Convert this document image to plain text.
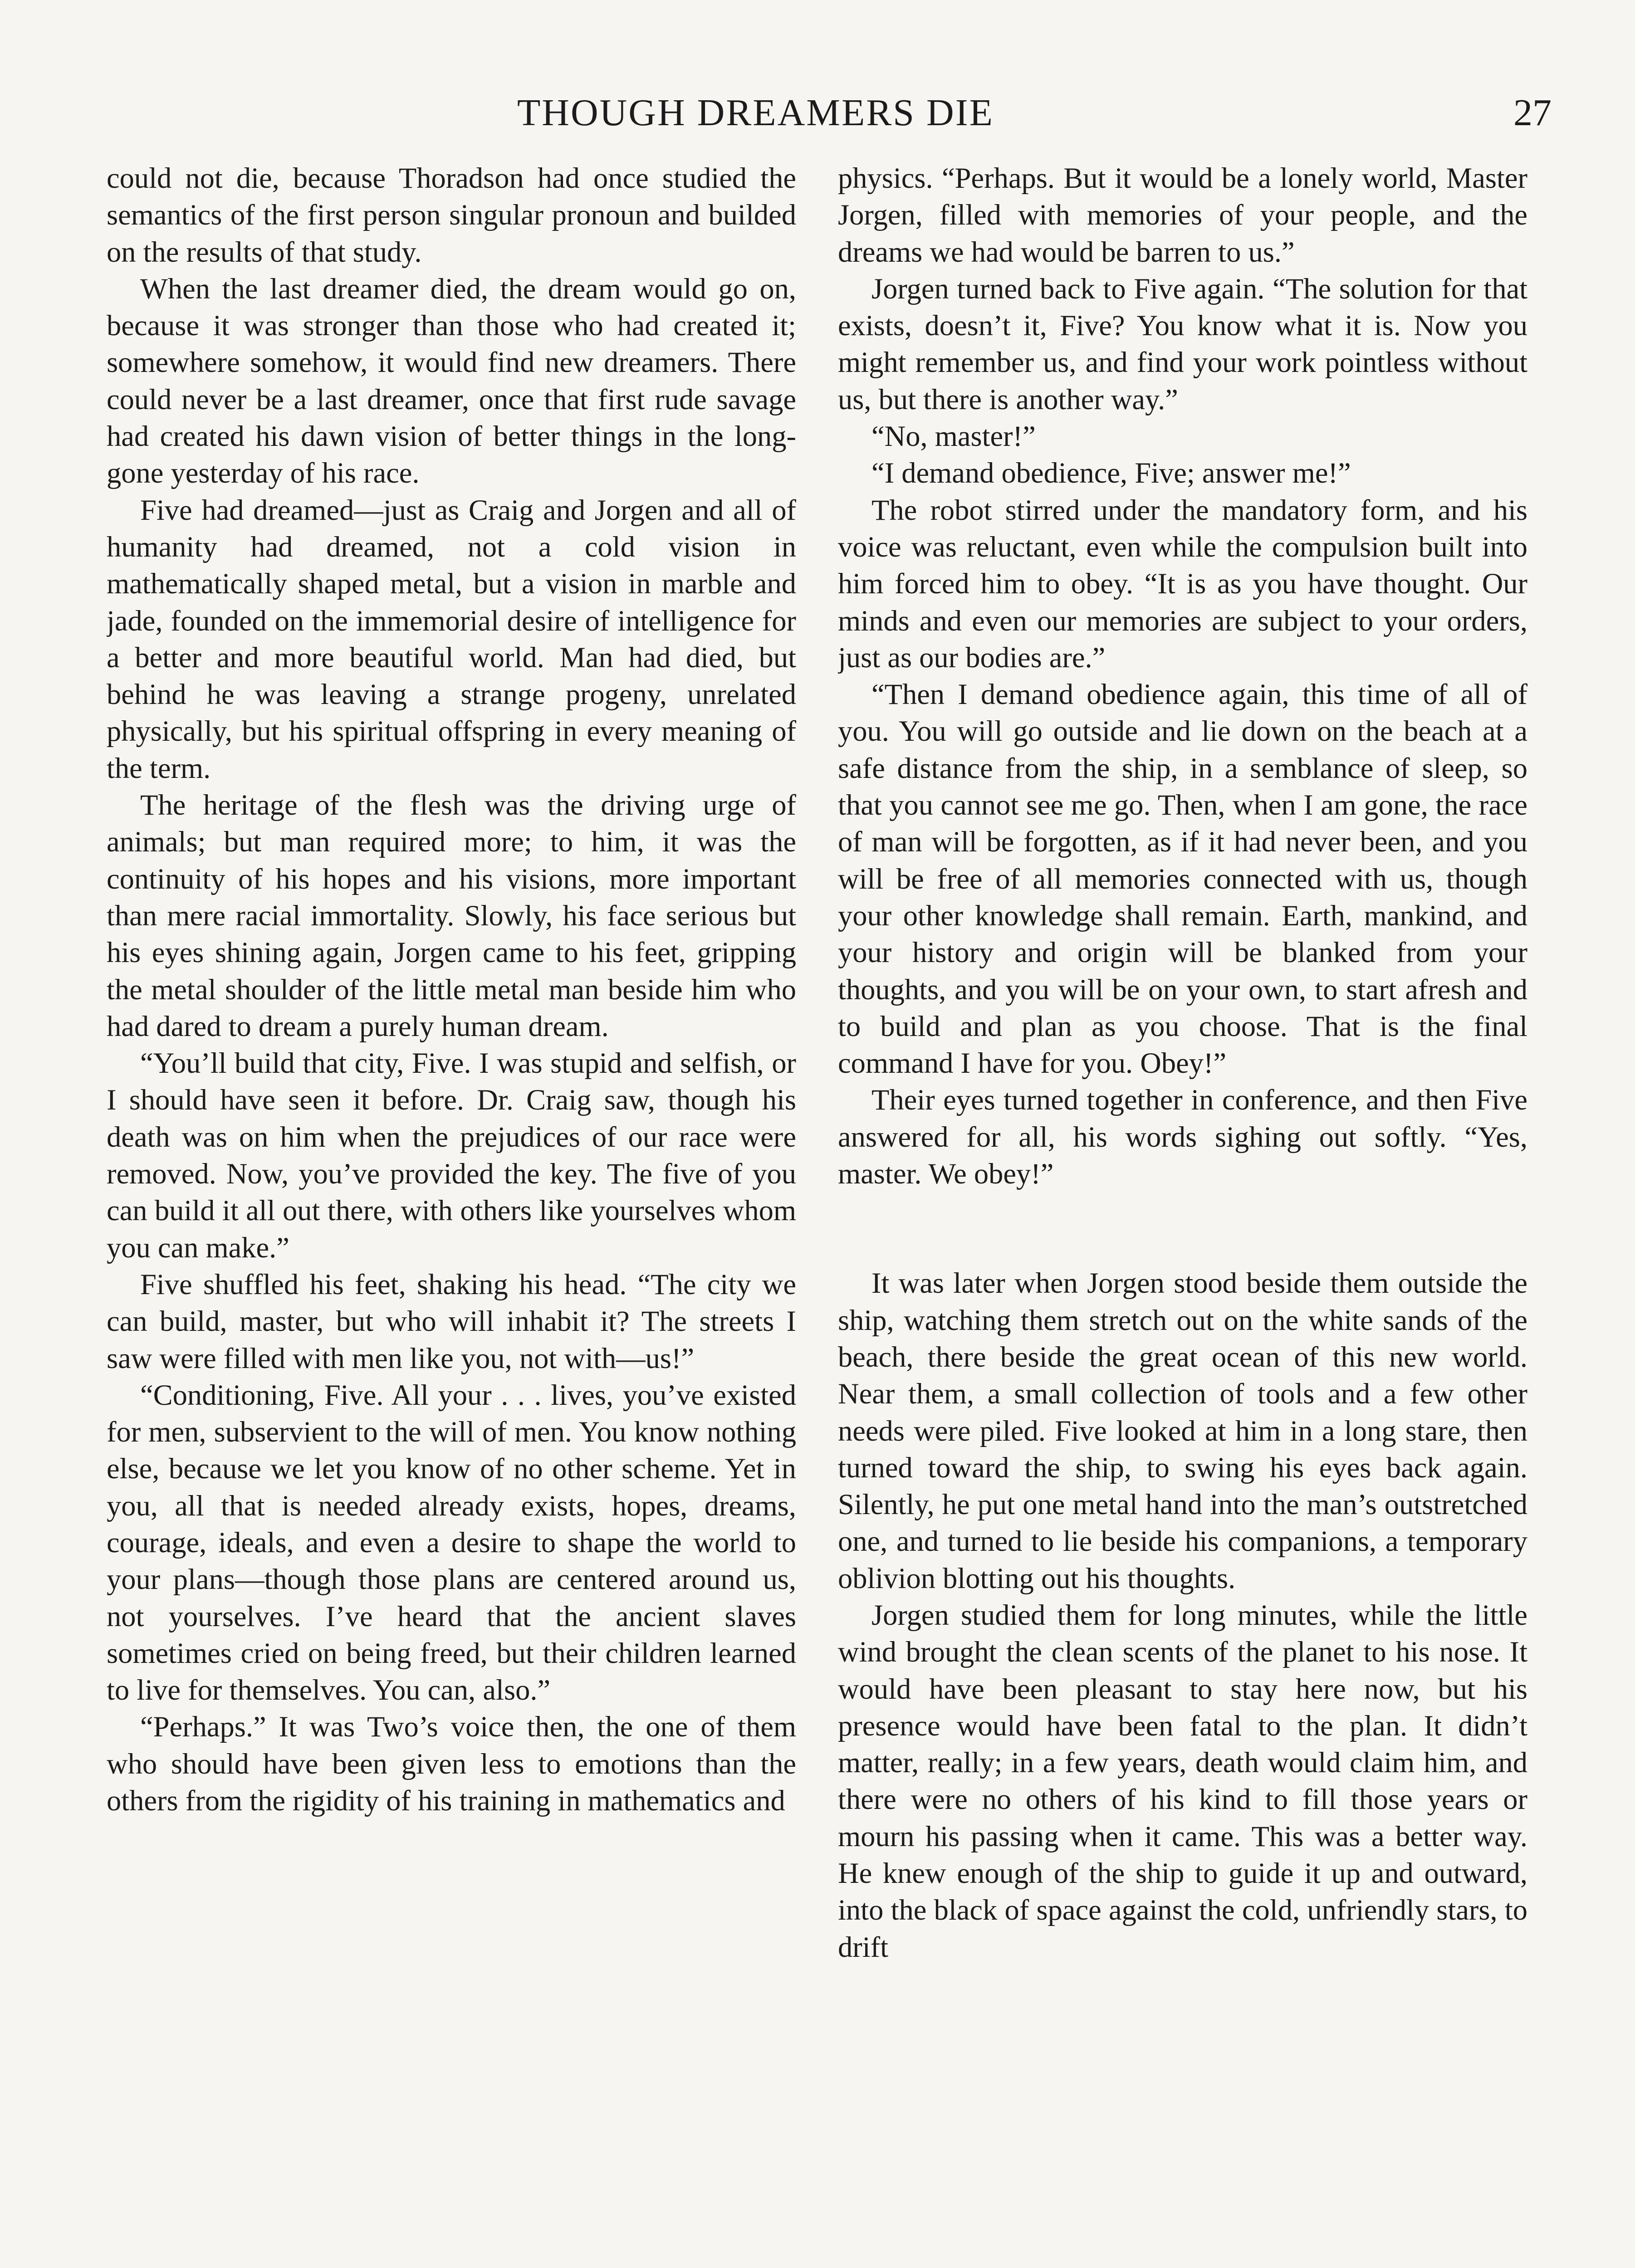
THOUGH DREAMERS DIE	27

could not die, because Thoradson had once studied the semantics of the first person singular pronoun and builded on the results of that study.

When the last dreamer died, the dream would go on, because it was stronger than those who had created it; somewhere somehow, it would find new dreamers. There could never be a last dreamer, once that first rude savage had created his dawn vision of better things in the long-gone yesterday of his race.

Five had dreamed—just as Craig and Jorgen and all of humanity had dreamed, not a cold vision in mathematically shaped metal, but a vision in marble and jade, founded on the immemorial desire of intelligence for a better and more beautiful world. Man had died, but behind he was leaving a strange progeny, unrelated physically, but his spiritual offspring in every meaning of the term.

The heritage of the flesh was the driving urge of animals; but man required more; to him, it was the continuity of his hopes and his visions, more important than mere racial immortality. Slowly, his face serious but his eyes shining again, Jorgen came to his feet, gripping the metal shoulder of the little metal man beside him who had dared to dream a purely human dream.

“You’ll build that city, Five. I was stupid and selfish, or I should have seen it before. Dr. Craig saw, though his death was on him when the prejudices of our race were removed. Now, you’ve provided the key. The five of you can build it all out there, with others like yourselves whom you can make.”

Five shuffled his feet, shaking his head. “The city we can build, master, but who will inhabit it? The streets I saw were filled with men like you, not with—us!”

“Conditioning, Five. All your . . . lives, you’ve existed for men, subservient to the will of men. You know nothing else, because we let you know of no other scheme. Yet in you, all that is needed already exists, hopes, dreams, courage, ideals, and even a desire to shape the world to your plans—though those plans are centered around us, not yourselves. I’ve heard that the ancient slaves sometimes cried on being freed, but their children learned to live for themselves. You can, also.”

“Perhaps.” It was Two’s voice then, the one of them who should have been given less to emotions than the others from the rigidity of his training in mathematics and

physics. “Perhaps. But it would be a lonely world, Master Jorgen, filled with memories of your people, and the dreams we had would be barren to us.”

Jorgen turned back to Five again. “The solution for that exists, doesn’t it, Five? You know what it is. Now you might remember us, and find your work pointless without us, but there is another way.”

“No, master!”

“I demand obedience, Five; answer me!”

The robot stirred under the mandatory form, and his voice was reluctant, even while the compulsion built into him forced him to obey. “It is as you have thought. Our minds and even our memories are subject to your orders, just as our bodies are.”

“Then I demand obedience again, this time of all of you. You will go outside and lie down on the beach at a safe distance from the ship, in a semblance of sleep, so that you cannot see me go. Then, when I am gone, the race of man will be forgotten, as if it had never been, and you will be free of all memories connected with us, though your other knowledge shall remain. Earth, mankind, and your history and origin will be blanked from your thoughts, and you will be on your own, to start afresh and to build and plan as you choose. That is the final command I have for you. Obey!”

Their eyes turned together in conference, and then Five answered for all, his words sighing out softly. “Yes, master. We obey!”

It was later when Jorgen stood beside them outside the ship, watching them stretch out on the white sands of the beach, there beside the great ocean of this new world. Near them, a small collection of tools and a few other needs were piled. Five looked at him in a long stare, then turned toward the ship, to swing his eyes back again. Silently, he put one metal hand into the man’s outstretched one, and turned to lie beside his companions, a temporary oblivion blotting out his thoughts.

Jorgen studied them for long minutes, while the little wind brought the clean scents of the planet to his nose. It would have been pleasant to stay here now, but his presence would have been fatal to the plan. It didn’t matter, really; in a few years, death would claim him, and there were no others of his kind to fill those years or mourn his passing when it came. This was a better way. He knew enough of the ship to guide it up and outward, into the black of space against the cold, unfriendly stars, to drift
